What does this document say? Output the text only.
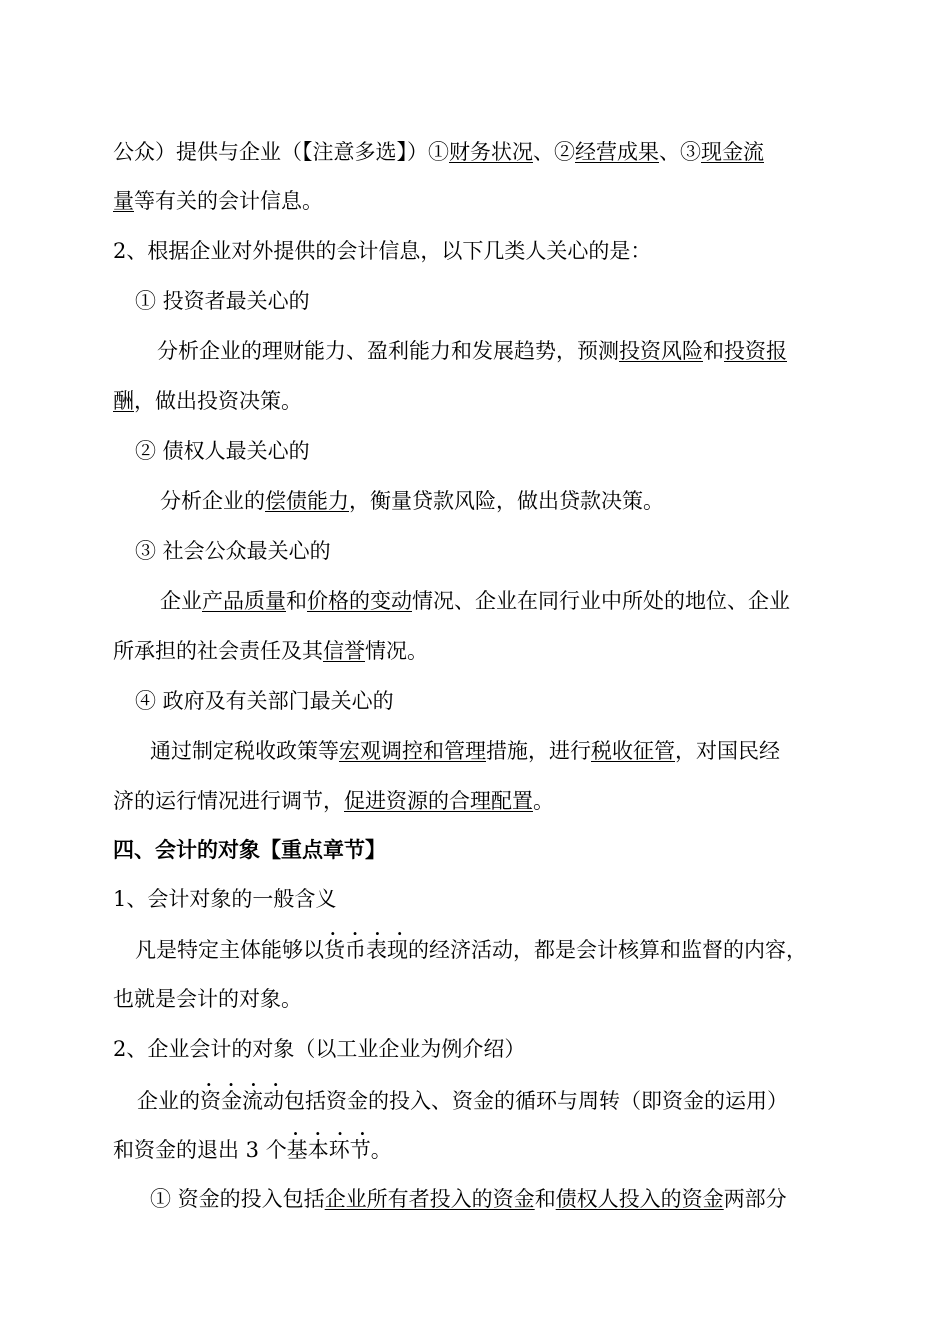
公众）提供与企业（【注意多选】）①财务状况、②经营成果、③现金流
量等有关的会计信息。
2、根据企业对外提供的会计信息，以下几类人关心的是：
① 投资者最关心的
分析企业的理财能力、盈利能力和发展趋势，预测投资风险和投资报
酬，做出投资决策。
② 债权人最关心的
分析企业的偿债能力，衡量贷款风险，做出贷款决策。
③ 社会公众最关心的
企业产品质量和价格的变动情况、企业在同行业中所处的地位、企业
所承担的社会责任及其信誉情况。
④ 政府及有关部门最关心的
通过制定税收政策等宏观调控和管理措施，进行税收征管，对国民经
济的运行情况进行调节，促进资源的合理配置。
四、会计的对象【重点章节】
1、会计对象的一般含义
凡是特定主体能够以· · 货币表现的经济活动，都是会计核算和监督的内容，
也就是会计的对象。
2、企业会计的对象（以工业企业为例介绍）
企业的· · 资金流动包括资金的投入、资金的循环与周转（即资金的运用）
和资金的退出 3 个· · 基本环节。
① 资金的投入包括企业所有者投入的资金和债权人投入的资金两部分
